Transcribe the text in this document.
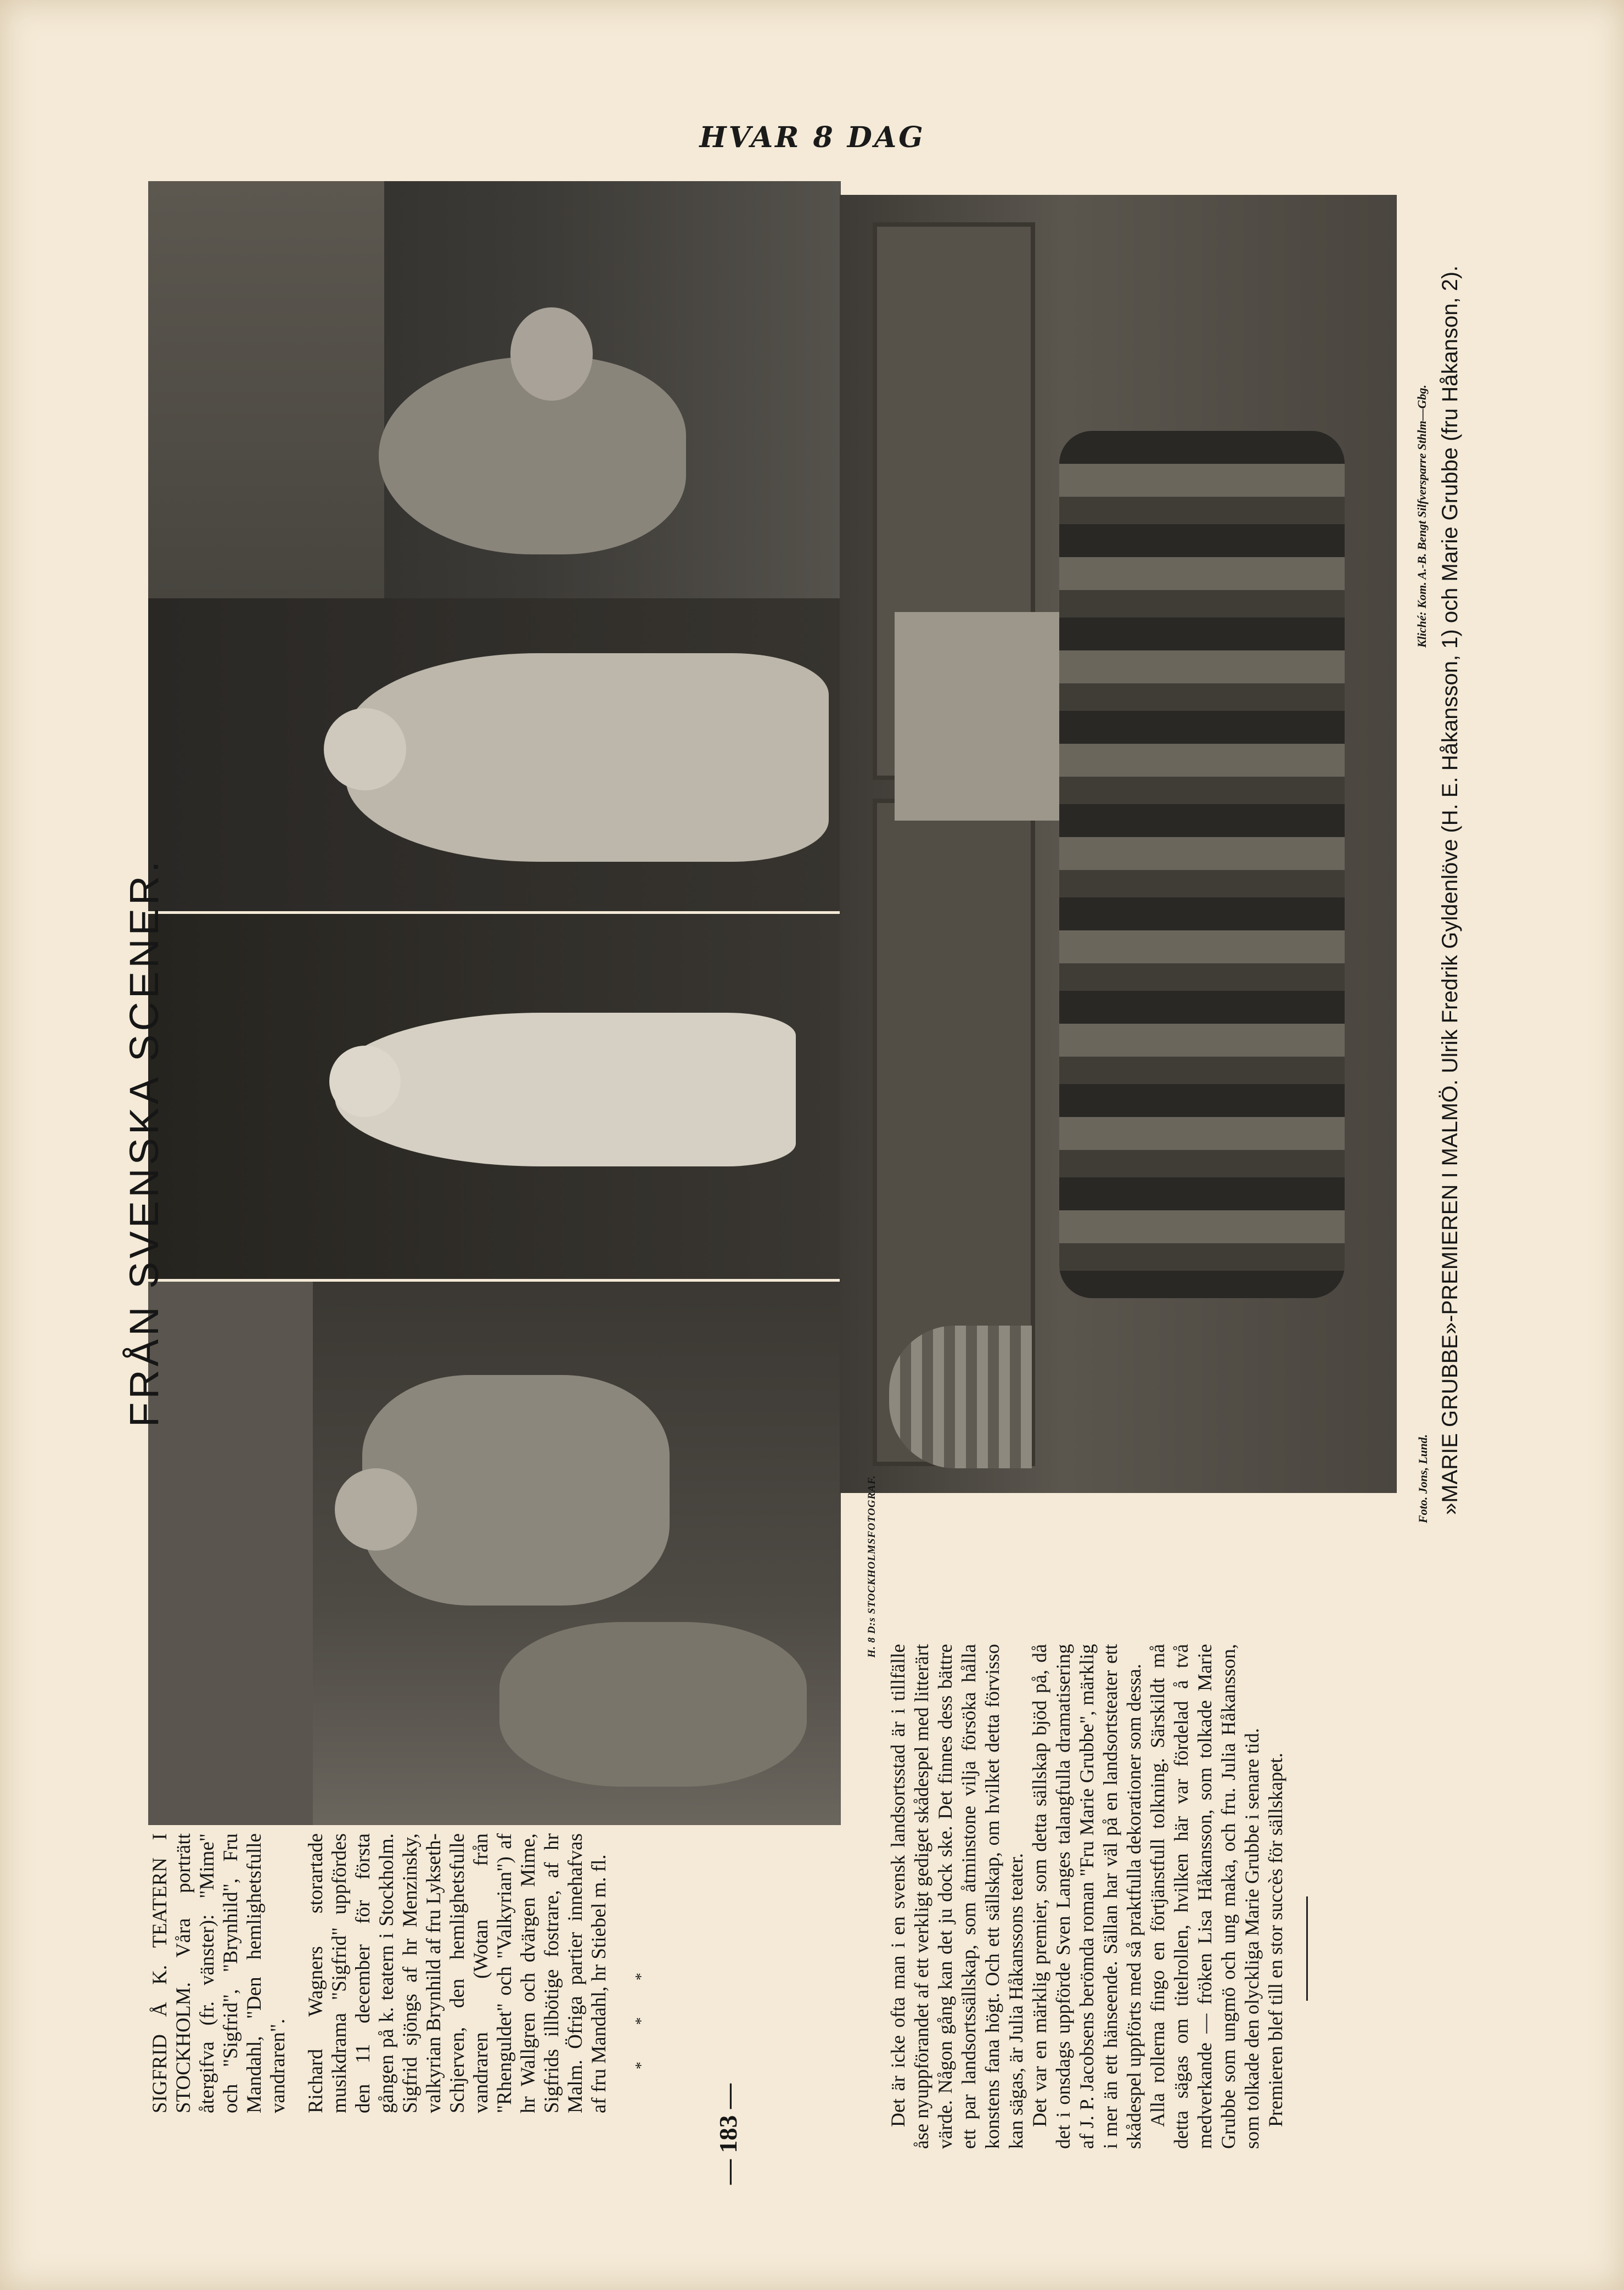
HVAR 8 DAG
FRÅN SVENSKA SCENER.

SIGFRID Å K. TEATERN I STOCKHOLM. Våra porträtt återgifva (fr. vänster): "Mime" och "Sigfrid", "Brynhild", Fru Mandahl, "Den hemlighetsfulle vandraren". Richard Wagners storartade musikdrama "Sigfrid" uppfördes den 11 december för första gången på k. teatern i Stockholm. Sigfrid sjöngs af hr Menzinsky, valkyrian Brynhild af fru Lykseth-Schjerven, den hemlighetsfulle vandraren (Wotan från "Rhenguldet" och "Valkyrian") af hr Wallgren och dvärgen Mime, Sigfrids illbötige fostrare, af hr Malm. Öfriga partier innehafvas af fru Mandahl, hr Stiebel m. fl. * * *

H. 8 D:s STOCKHOLMSFOTOGRAF.

Det är icke ofta man i en svensk landsortsstad är i tillfälle åse nyuppförandet af ett verkligt gediget skådespel med litterärt värde. Någon gång kan det ju dock ske. Det finnes dess bättre ett par landsortssällskap, som åtminstone vilja försöka hålla konstens fana högt. Och ett sällskap, om hvilket detta förvisso kan sägas, är Julia Håkanssons teater. Det var en märklig premier, som detta sällskap bjöd på, då det i onsdags uppförde Sven Langes talangfulla dramatisering af J. P. Jacobsens berömda roman "Fru Marie Grubbe", märklig i mer än ett hänseende. Sällan har väl på en landsortsteater ett skådespel uppförts med så praktfulla dekorationer som dessa. Alla rollerna fingo en förtjänstfull tolkning. Särskildt må detta sägas om titelrollen, hvilken här var fördelad å två medverkande — fröken Lisa Håkansson, som tolkade Marie Grubbe som ungmö och ung maka, och fru. Julia Håkansson, som tolkade den olyckliga Marie Grubbe i senare tid. Premieren blef till en stor succès för sällskapet.

Foto. Jons, Lund.
Kliché: Kom. A.-B. Bengt Silfversparre Sthlm—Gbg. »MARIE GRUBBE»-PREMIEREN I MALMÖ. Ulrik Fredrik Gyldenlöve (H. E. Håkansson, 1) och Marie Grubbe (fru Håkanson, 2).
— 183 —
